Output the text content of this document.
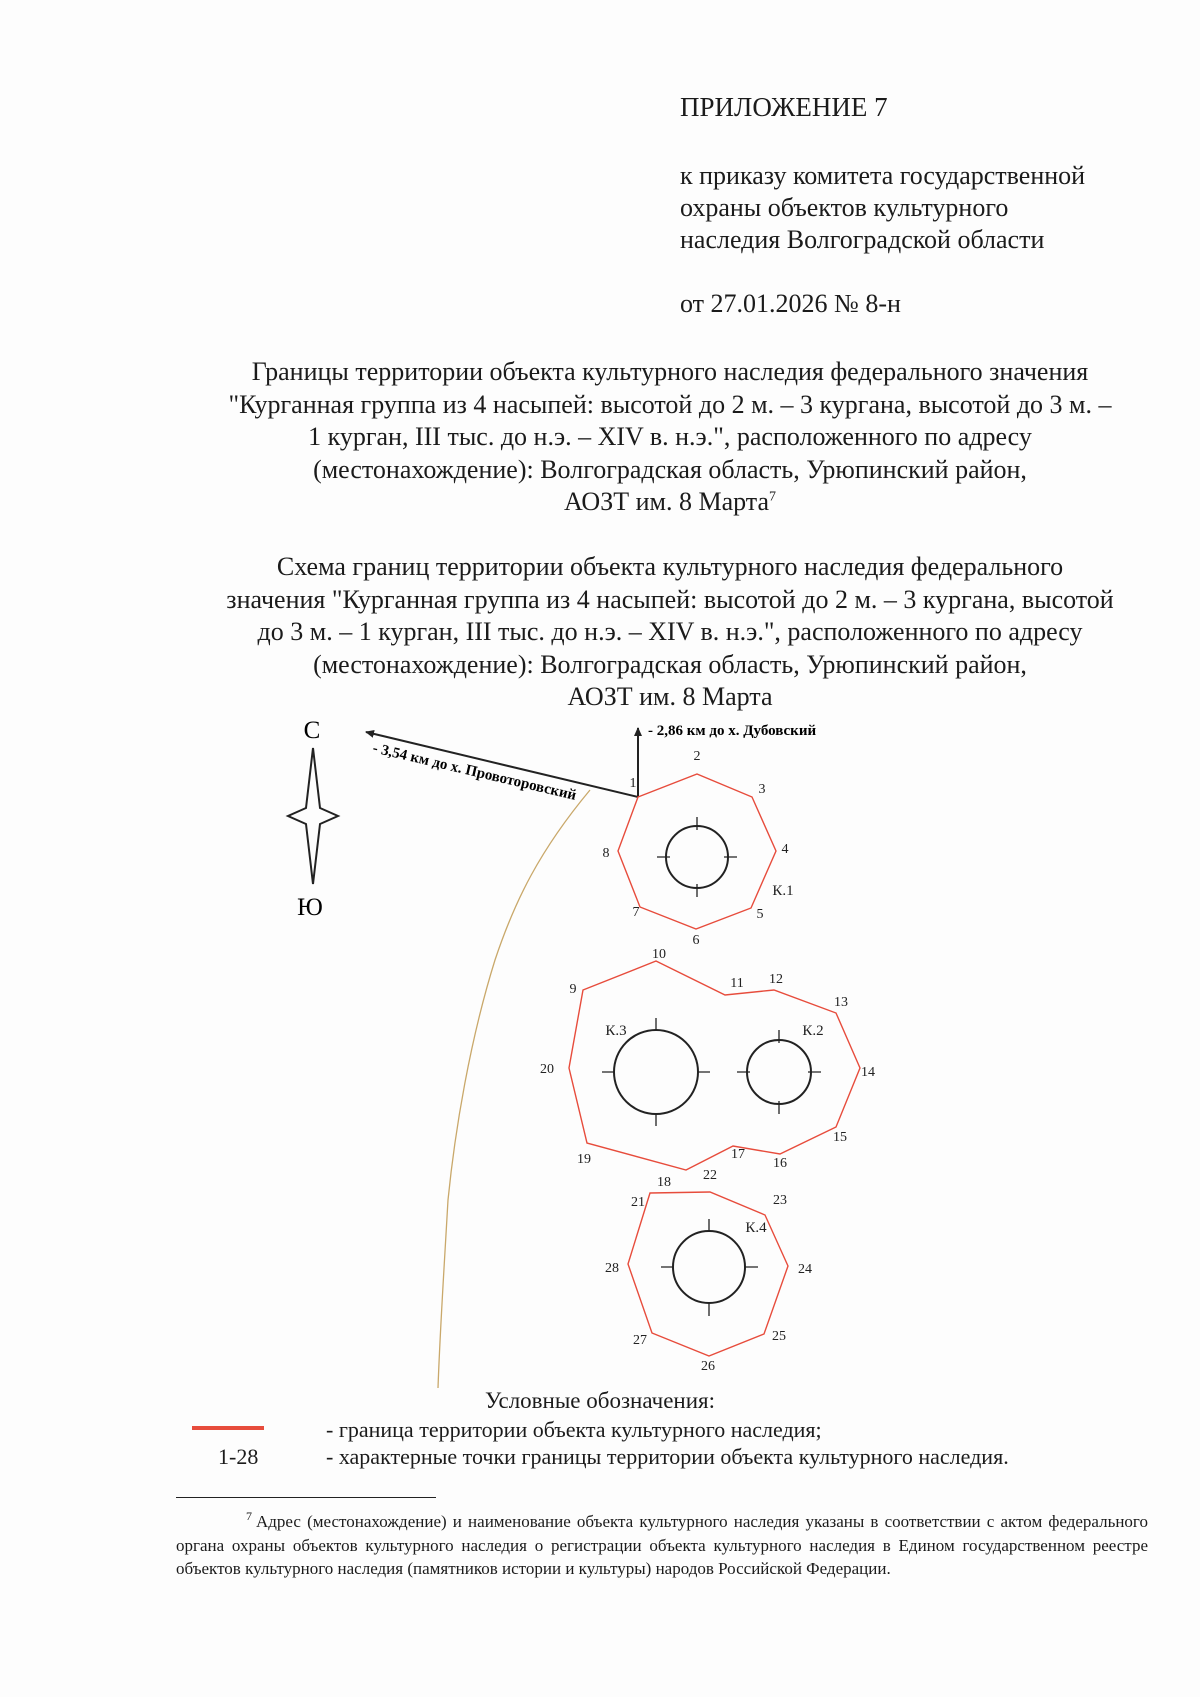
ПРИЛОЖЕНИЕ 7
к приказу комитета государственной
охраны объектов культурного
наследия Волгоградской области
от 27.01.2026 № 8-н
Границы территории объекта культурного наследия федерального значения
"Курганная группа из 4 насыпей: высотой до 2 м. – 3 кургана, высотой до 3 м. –
1 курган, III тыс. до н.э. – XIV в. н.э.", расположенного по адресу
(местонахождение): Волгоградская область, Урюпинский район,
АОЗТ им. 8 Марта$^7$
Схема границ территории объекта культурного наследия федерального
значения "Курганная группа из 4 насыпей: высотой до 2 м. – 3 кургана, высотой
до 3 м. – 1 курган, III тыс. до н.э. – XIV в. н.э.", расположенного по адресу
(местонахождение): Волгоградская область, Урюпинский район,
АОЗТ им. 8 Марта
С
Ю
- 2,86 км до х. Дубовский
- 3,54 км до х. Провоторовский
К.1
К.2
К.3
К.4
1
2
3
4
5
6
7
8
9
10
11 12
13
14
15
16
17
18
19
20
21
22
23
24
25
26
27
28
Условные обозначения:
- граница территории объекта культурного наследия;
1-28	- характерные точки границы территории объекта культурного наследия.
$^7$ Адрес (местонахождение) и наименование объекта культурного наследия указаны в соответствии с актом федерального органа охраны объектов культурного наследия о регистрации объекта культурного наследия в Едином государственном реестре объектов культурного наследия (памятников истории и культуры) народов Российской Федерации.
